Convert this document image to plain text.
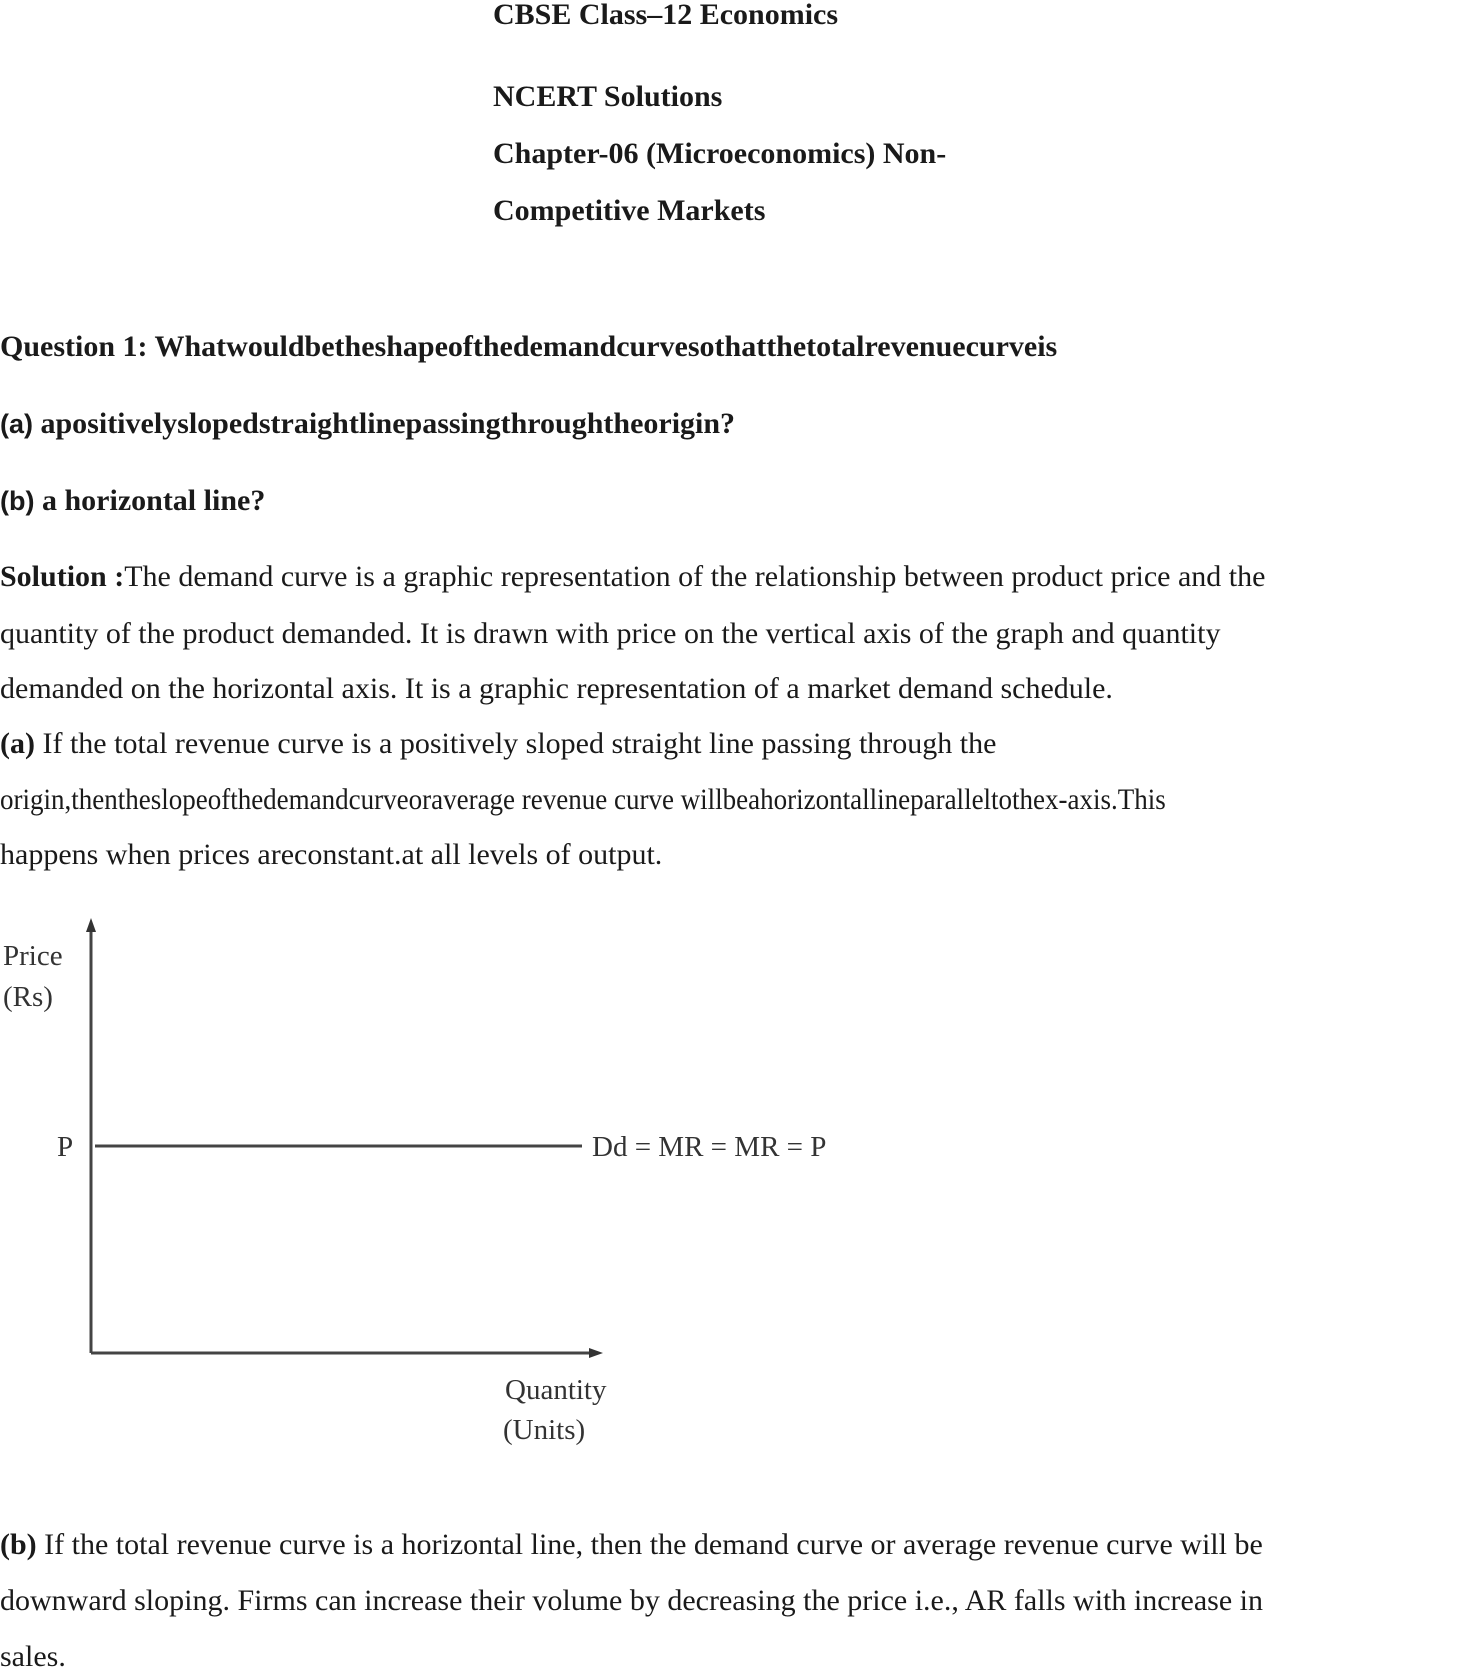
CBSE Class–12 Economics
NCERT Solutions
Chapter-06 (Microeconomics) Non-
Competitive Markets
Question 1: Whatwouldbetheshapeofthedemandcurvesothatthetotalrevenuecurveis
(a) apositivelyslopedstraightlinepassingthroughtheorigin?
(b) a horizontal line?
Solution :The demand curve is a graphic representation of the relationship between product price and the
quantity of the product demanded. It is drawn with price on the vertical axis of the graph and quantity
demanded on the horizontal axis. It is a graphic representation of a market demand schedule.
(a) If the total revenue curve is a positively sloped straight line passing through the
origin,thentheslopeofthedemandcurveoraverage revenue curve willbeahorizontallineparalleltothex-axis.This
happens when prices areconstant.at all levels of output.
Price
(Rs)
P	Dd = MR = MR = P
Quantity
(Units)
(b) If the total revenue curve is a horizontal line, then the demand curve or average revenue curve will be
downward sloping. Firms can increase their volume by decreasing the price i.e., AR falls with increase in
sales.
